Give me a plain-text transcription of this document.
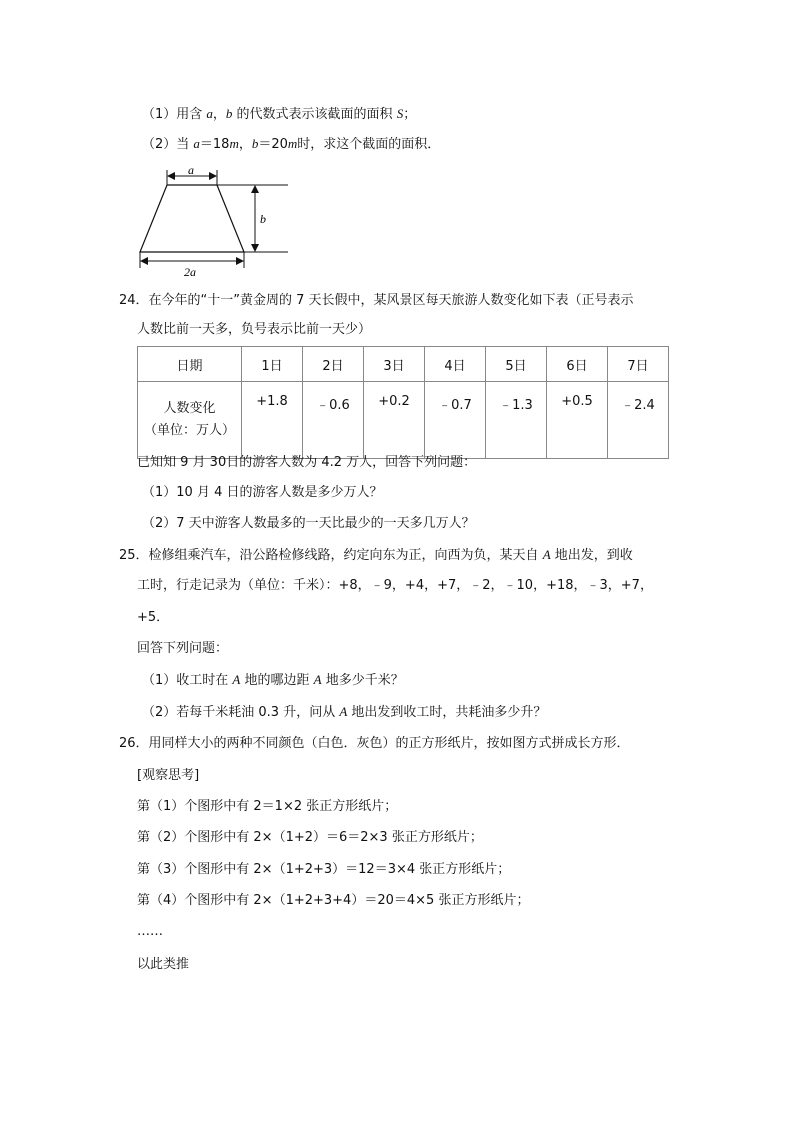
（1）用含 a，b 的代数式表示该截面的面积 S；
（2）当 a＝18m，b＝20m时，求这个截面的面积．
a
b
2a
24．在今年的“十一”黄金周的 7 天长假中，某风景区每天旅游人数变化如下表（正号表示
人数比前一天多，负号表示比前一天少）
日期	1日	2日	3日	4日	5日	6日	7日

人数变化
（单位：万人）	+1.8	﹣0.6	+0.2	﹣0.7	﹣1.3	+0.5	﹣2.4
已知知 9 月 30日的游客人数为 4.2 万人，回答下列问题：
（1）10 月 4 日的游客人数是多少万人？
（2）7 天中游客人数最多的一天比最少的一天多几万人？
25．检修组乘汽车，沿公路检修线路，约定向东为正，向西为负，某天自 A 地出发，到收
工时，行走记录为（单位：千米）：+8，﹣9，+4，+7，﹣2，﹣10，+18，﹣3，+7，
+5．
回答下列问题：
（1）收工时在 A 地的哪边距 A 地多少千米？
（2）若每千米耗油 0.3 升，问从 A 地出发到收工时，共耗油多少升？
26．用同样大小的两种不同颜色（白色．灰色）的正方形纸片，按如图方式拼成长方形．
[观察思考]
第（1）个图形中有 2＝1×2 张正方形纸片；
第（2）个图形中有 2×（1+2）＝6＝2×3 张正方形纸片；
第（3）个图形中有 2×（1+2+3）＝12＝3×4 张正方形纸片；
第（4）个图形中有 2×（1+2+3+4）＝20＝4×5 张正方形纸片；
……
以此类推
